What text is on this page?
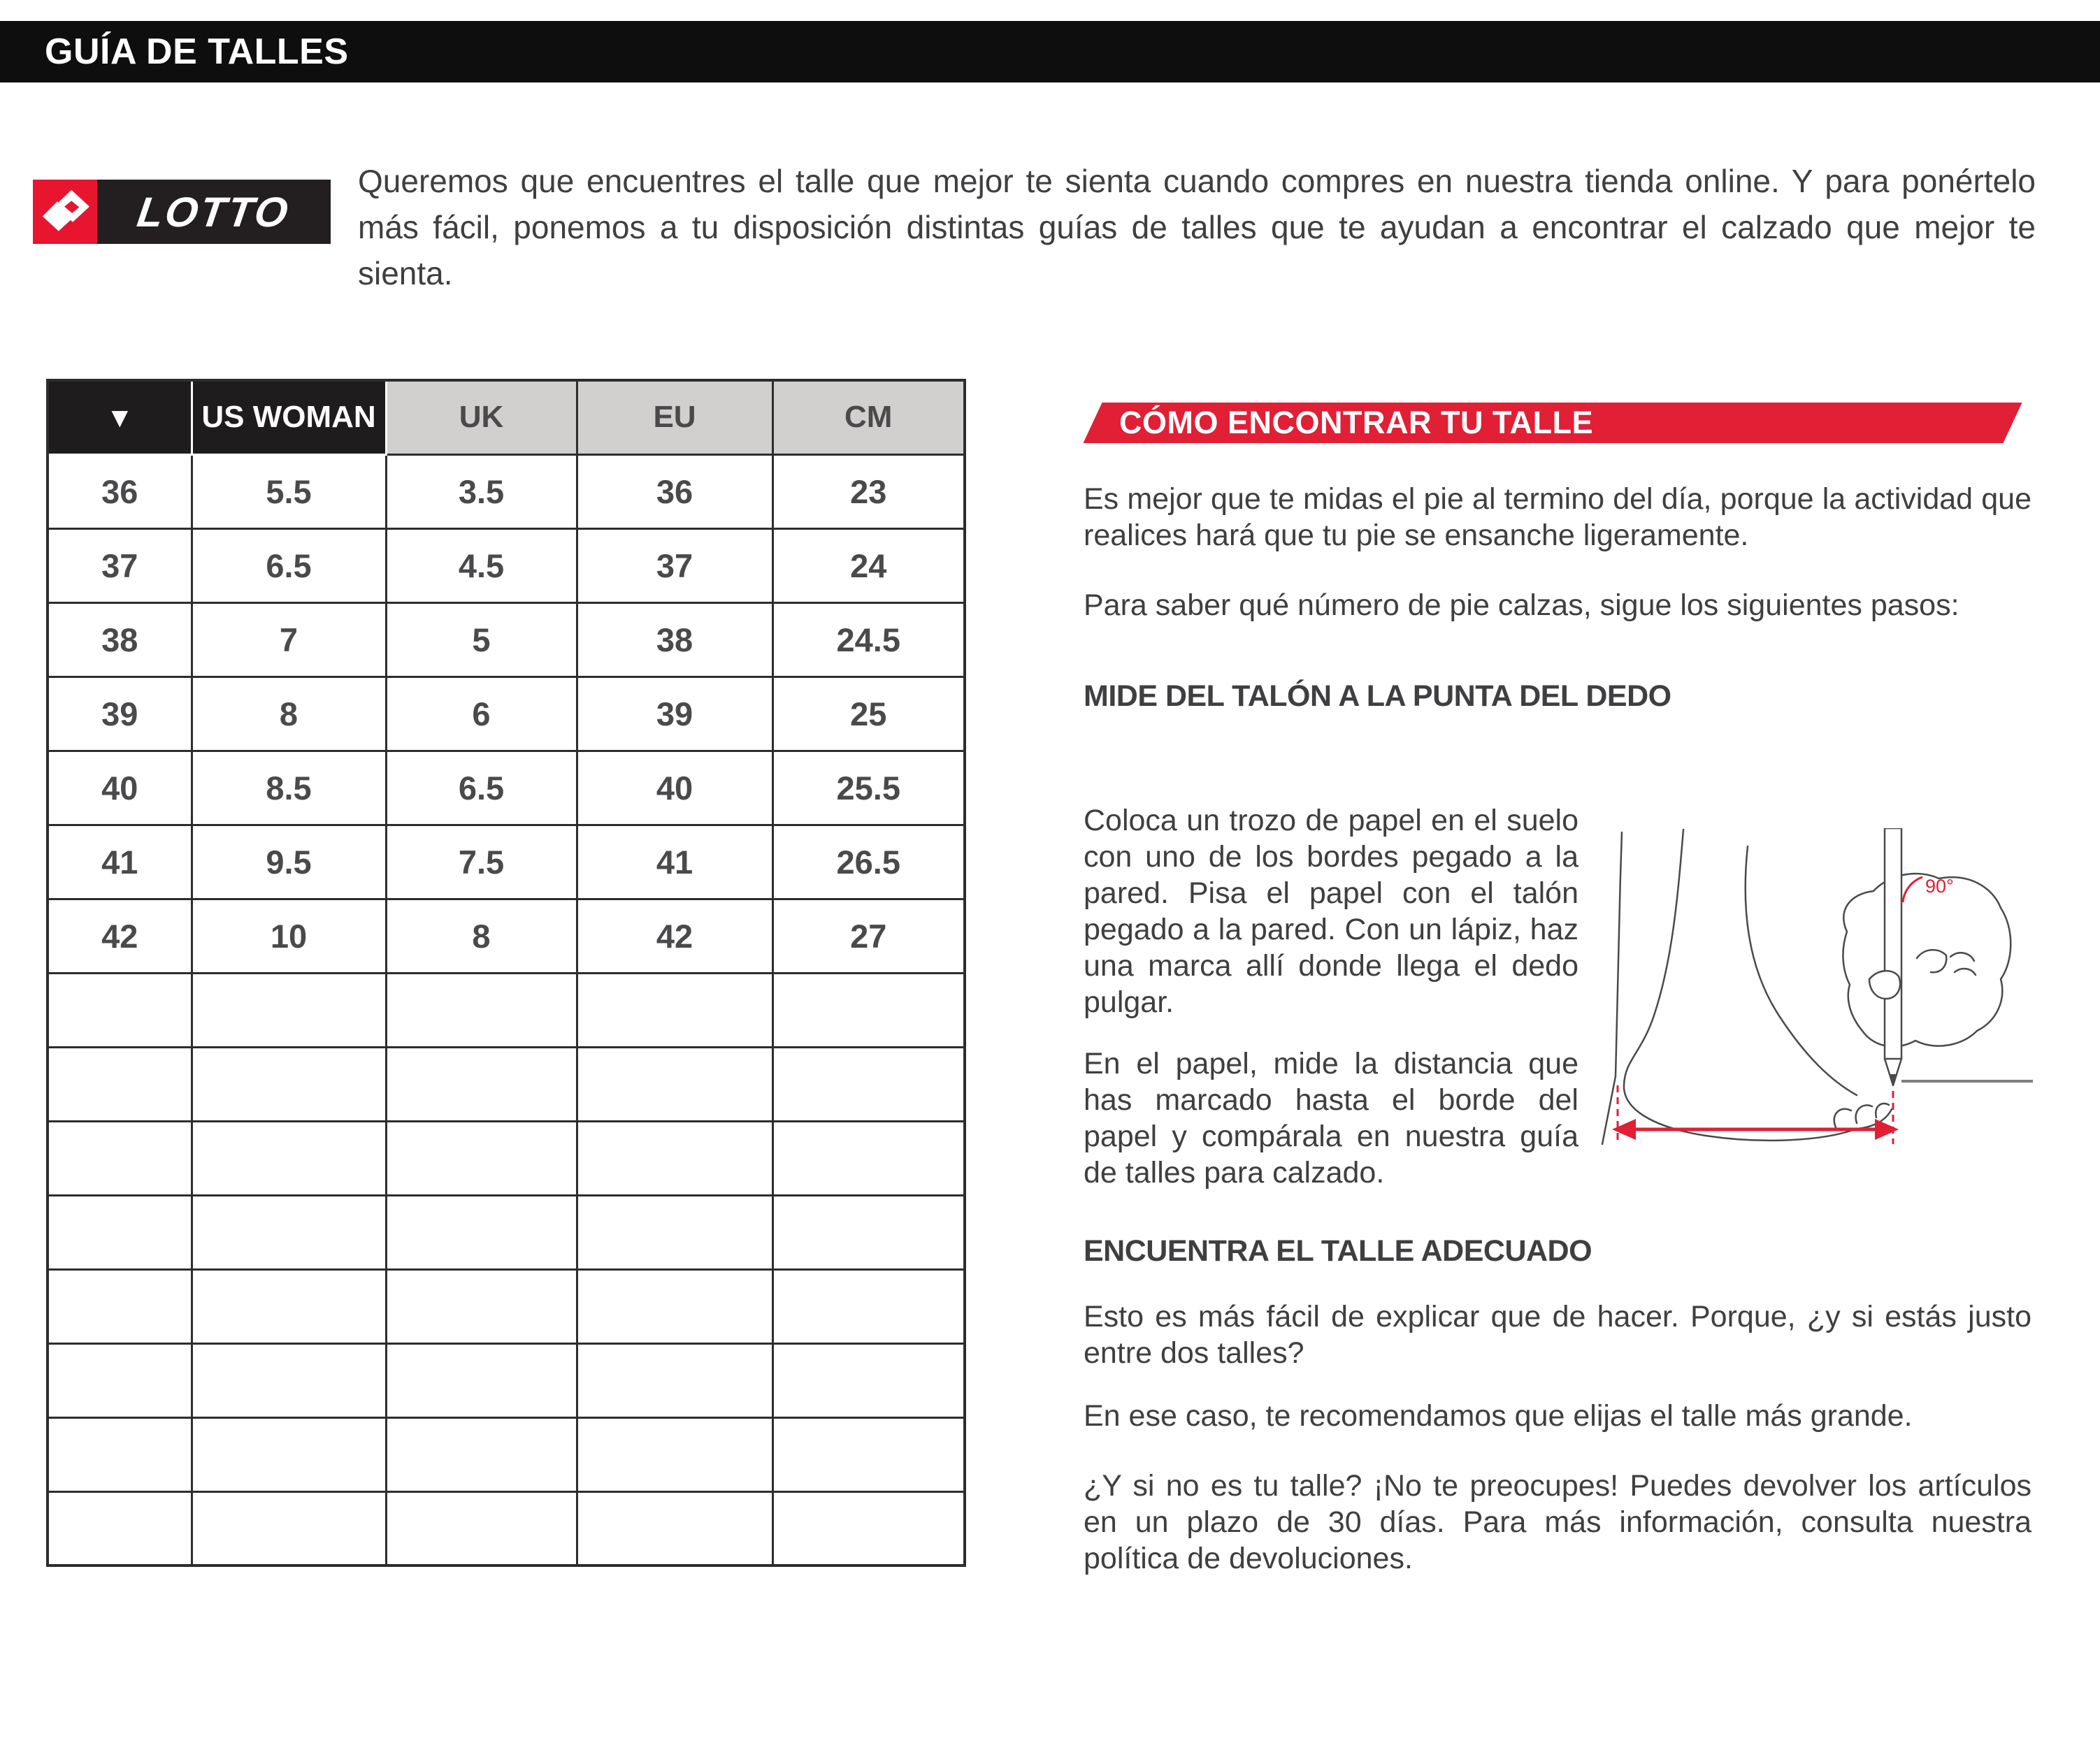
GUÍA DE TALLES
LOTTO

Queremos que encuentres el talle que mejor te sienta cuando compres en nuestra tienda online. Y para ponértelo más fácil, ponemos a tu disposición distintas guías de talles que te ayudan a encontrar el calzado que mejor te sienta.

▼	US WOMAN	UK	EU	CM
36	5.5	3.5	36	23
37	6.5	4.5	37	24
38	7	5	38	24.5
39	8	6	39	25
40	8.5	6.5	40	25.5
41	9.5	7.5	41	26.5
42	10	8	42	27

CÓMO ENCONTRAR TU TALLE

Es mejor que te midas el pie al termino del día, porque la actividad que realices hará que tu pie se ensanche ligeramente.

Para saber qué número de pie calzas, sigue los siguientes pasos:

MIDE DEL TALÓN A LA PUNTA DEL DEDO

Coloca un trozo de papel en el suelo con uno de los bordes pegado a la pared. Pisa el papel con el talón pegado a la pared. Con un lápiz, haz una marca allí donde llega el dedo pulgar.

En el papel, mide la distancia que has marcado hasta el borde del papel y compárala en nuestra guía de talles para calzado.

ENCUENTRA EL TALLE ADECUADO

Esto es más fácil de explicar que de hacer. Porque, ¿y si estás justo entre dos talles?

En ese caso, te recomendamos que elijas el talle más grande.

¿Y si no es tu talle? ¡No te preocupes! Puedes devolver los artículos en un plazo de 30 días. Para más información, consulta nuestra política de devoluciones.

90°
